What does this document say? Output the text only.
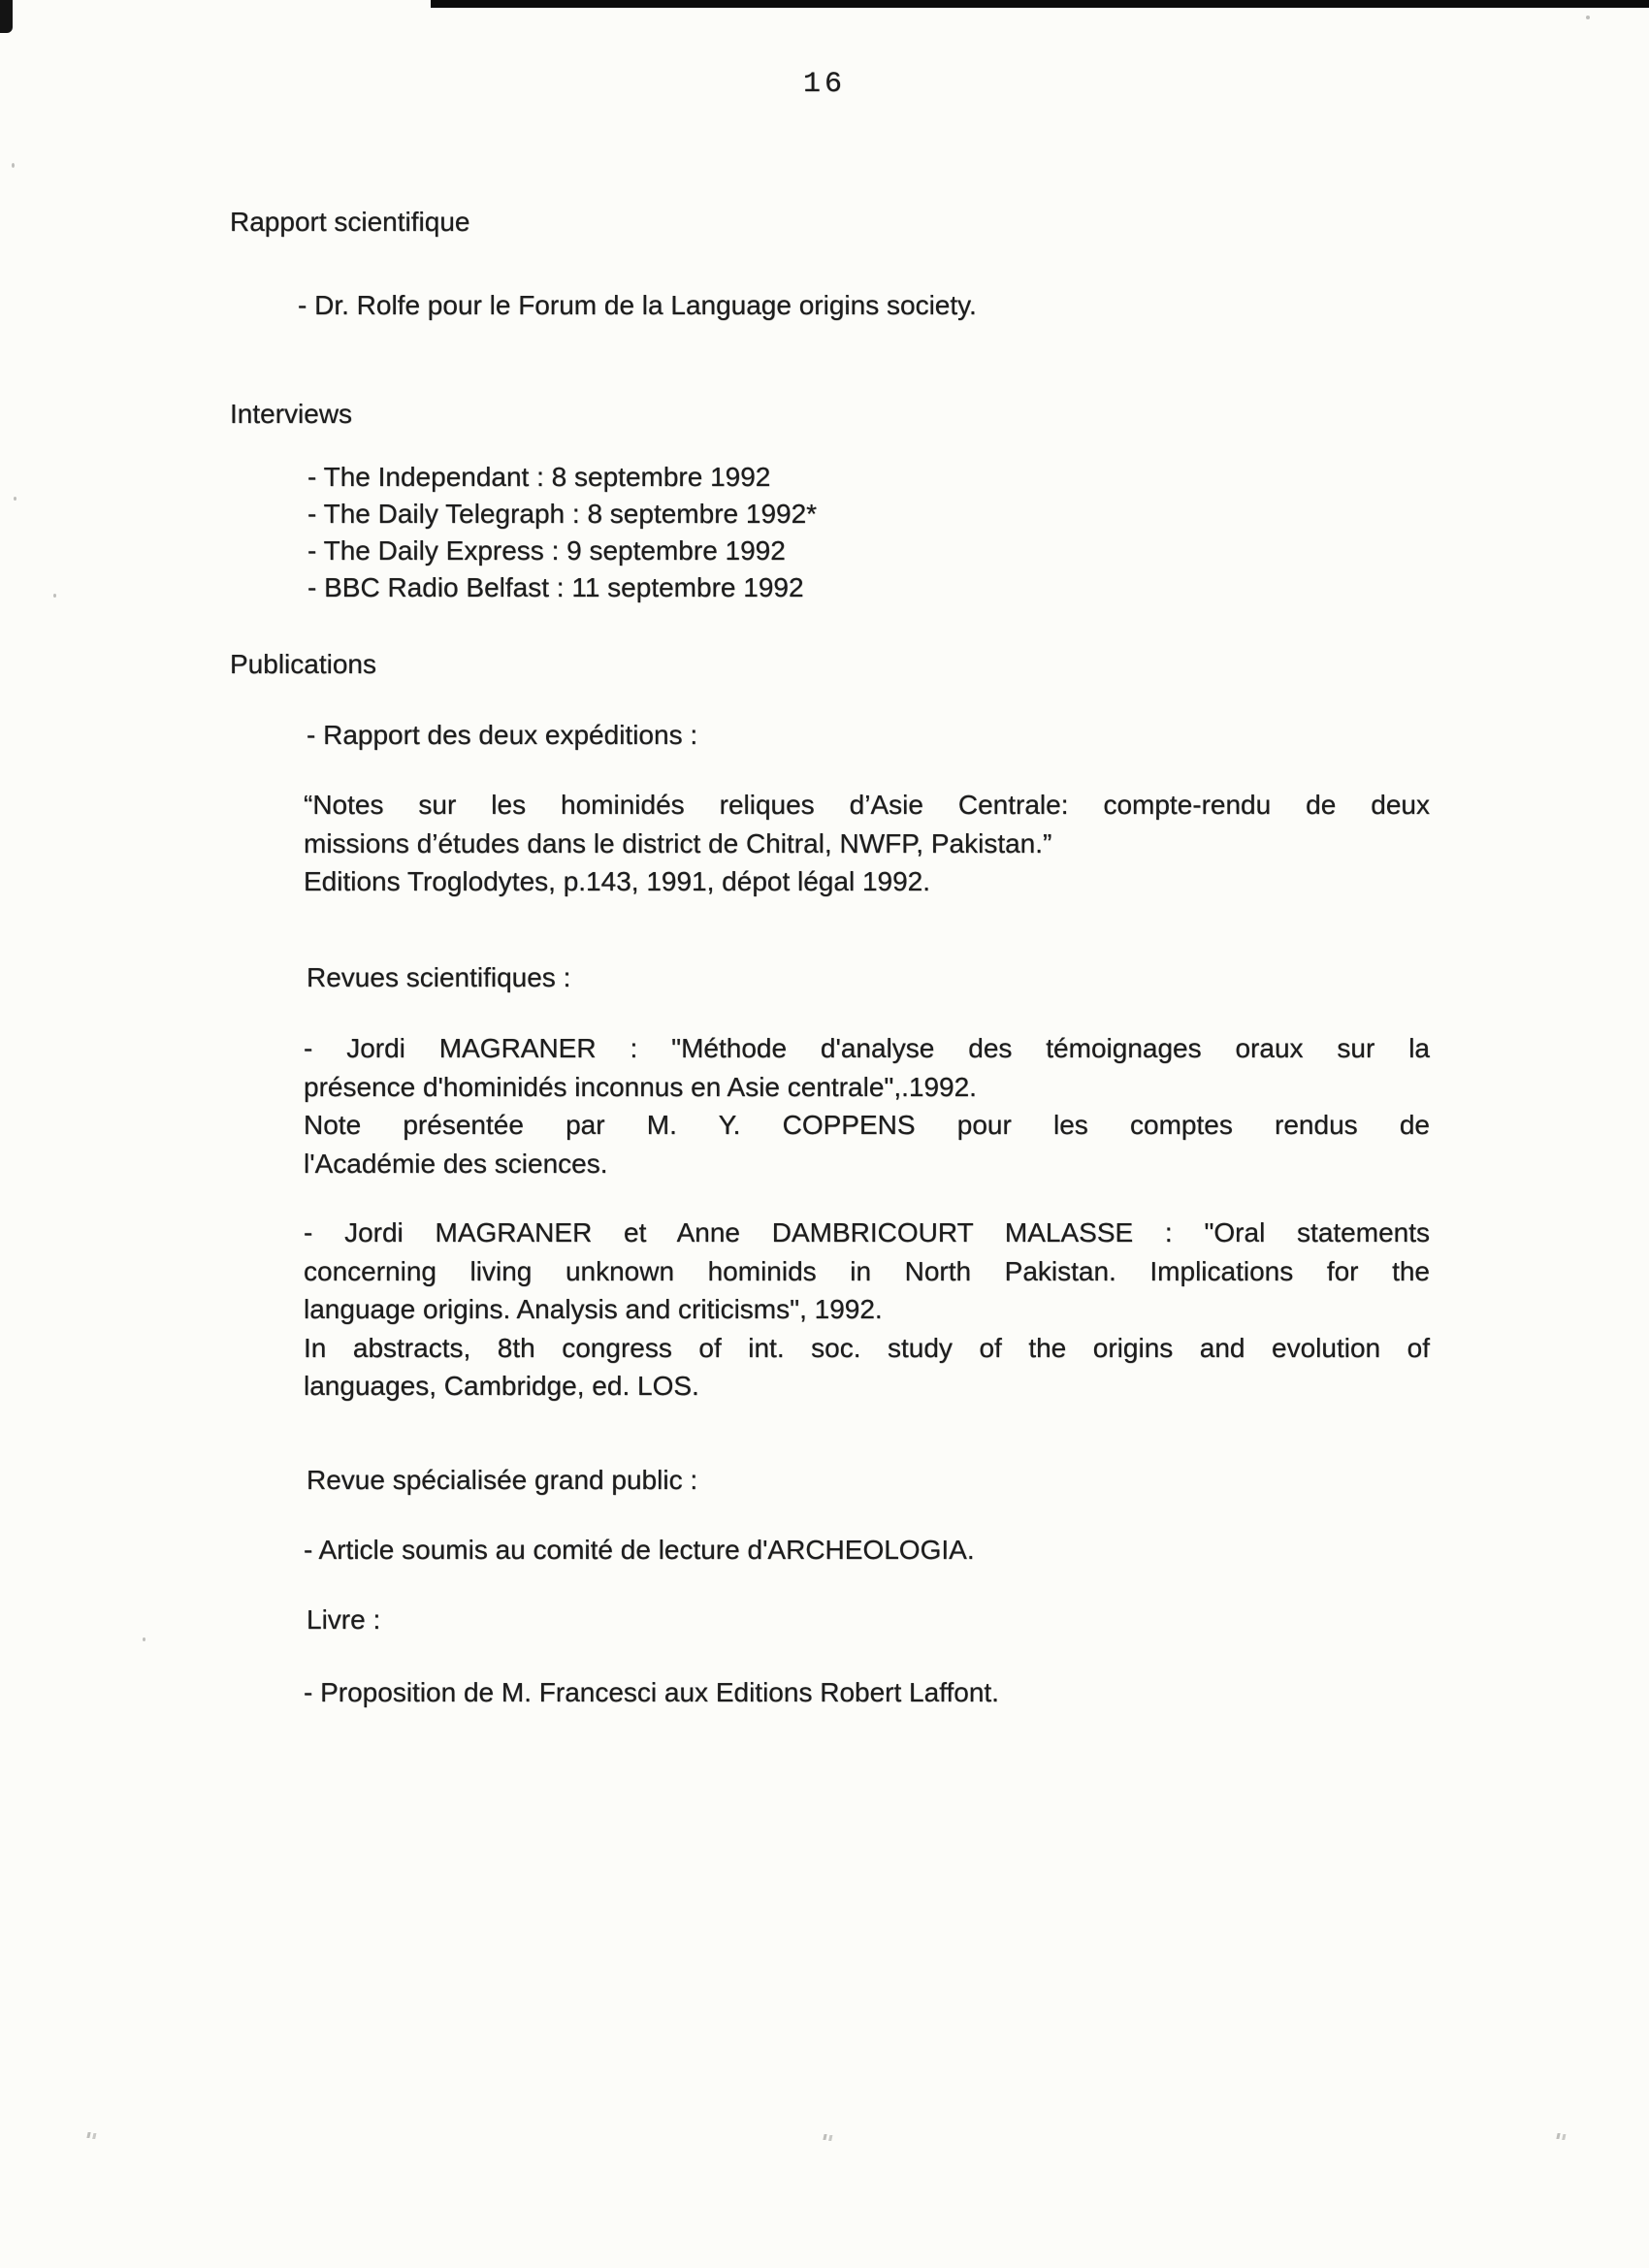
16
Rapport scientifique
- Dr. Rolfe pour le Forum de la Language origins society.
Interviews
- The Independant : 8 septembre 1992
- The Daily Telegraph : 8 septembre 1992*
- The Daily Express : 9 septembre 1992
- BBC Radio Belfast : 11 septembre 1992
Publications
- Rapport des deux expéditions :
“Notes sur les hominidés reliques d’Asie Centrale: compte-rendu de deux
missions d’études dans le district de Chitral, NWFP, Pakistan.”
Editions Troglodytes, p.143, 1991, dépot légal 1992.
Revues scientifiques :
- Jordi MAGRANER : "Méthode d'analyse des témoignages oraux sur la
présence d'hominidés inconnus en Asie centrale",.1992.
Note présentée par M. Y. COPPENS pour les comptes rendus de
l'Académie des sciences.
- Jordi MAGRANER et Anne DAMBRICOURT MALASSE : "Oral statements
concerning living unknown hominids in North Pakistan. Implications for the
language origins. Analysis and criticisms", 1992.
In abstracts, 8th congress of int. soc. study of the origins and evolution of
languages, Cambridge, ed. LOS.
Revue spécialisée grand public :
- Article soumis au comité de lecture d'ARCHEOLOGIA.
Livre :
- Proposition de M. Francesci aux Editions Robert Laffont.
